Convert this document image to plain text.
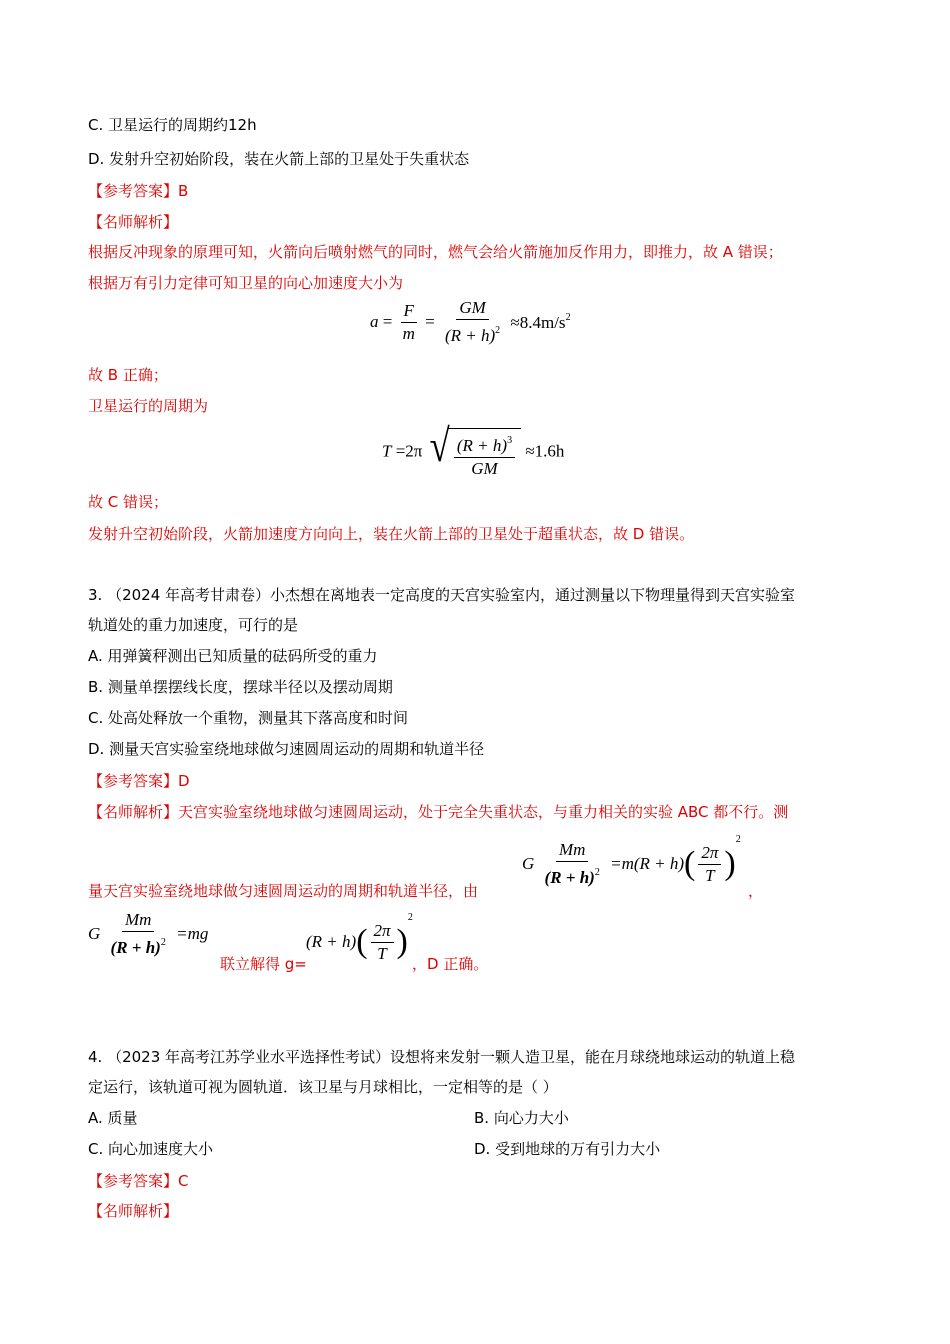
C. 卫星运行的周期约12h
D. 发射升空初始阶段，装在火箭上部的卫星处于失重状态
【参考答案】B
【名师解析】
根据反冲现象的原理可知，火箭向后喷射燃气的同时，燃气会给火箭施加反作用力，即推力，故 A 错误；
根据万有引力定律可知卫星的向心加速度大小为
$a = \frac{F}{m} = \frac{GM}{(R + h)^2} \approx 8.4m/s^2$
故 B 正确；
卫星运行的周期为
T =2π √ $\frac{(R + h)^3}{GM} \approx 1.6h$
故 C 错误；
发射升空初始阶段，火箭加速度方向向上，装在火箭上部的卫星处于超重状态，故 D 错误。
3. （2024 年高考甘肃卷）小杰想在离地表一定高度的天宫实验室内，通过测量以下物理量得到天宫实验室
轨道处的重力加速度，可行的是
A. 用弹簧秤测出已知质量的砝码所受的重力
B. 测量单摆摆线长度，摆球半径以及摆动周期
C. 处高处释放一个重物，测量其下落高度和时间
D. 测量天宫实验室绕地球做匀速圆周运动的周期和轨道半径
【参考答案】D
【名师解析】天宫实验室绕地球做匀速圆周运动，处于完全失重状态，与重力相关的实验 ABC 都不行。测
G $\frac{Mm}{(R + h)^2} =m(R + h)( \frac{2\pi}{T} )^2$
量天宫实验室绕地球做匀速圆周运动的周期和轨道半径，由	，
G $\frac{Mm}{(R + h)^2} =mg$
联立解得 g=
$(R + h)( \frac{2\pi}{T} )^2$
，D 正确。
4. （2023 年高考江苏学业水平选择性考试）设想将来发射一颗人造卫星，能在月球绕地球运动的轨道上稳
定运行，该轨道可视为圆轨道．该卫星与月球相比，一定相等的是（ ）
A. 质量	B. 向心力大小
C. 向心加速度大小	D. 受到地球的万有引力大小
【参考答案】C
【名师解析】
